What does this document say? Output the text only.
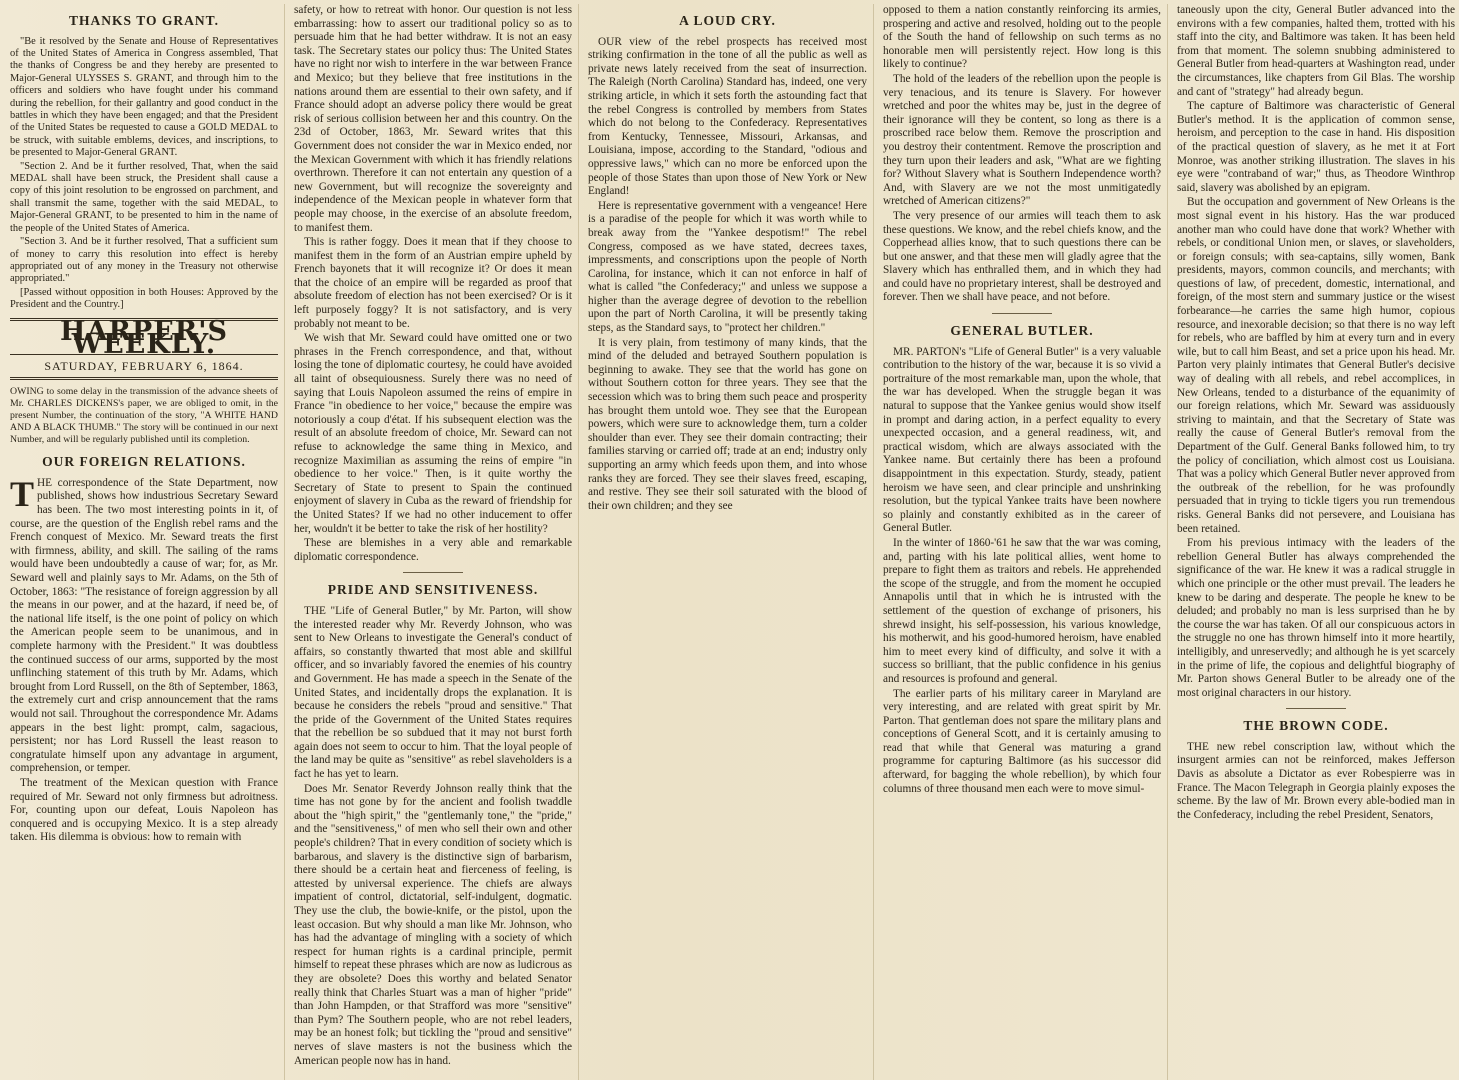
THANKS TO GRANT.

"Be it resolved by the Senate and House of Representatives of the United States of America in Congress assembled, That the thanks of Congress be and they hereby are presented to Major-General ULYSSES S. GRANT, and through him to the officers and soldiers who have fought under his command during the rebellion, for their gallantry and good conduct in the battles in which they have been engaged; and that the President of the United States be requested to cause a GOLD MEDAL to be struck, with suitable emblems, devices, and inscriptions, to be presented to Major-General GRANT.

"Section 2. And be it further resolved, That, when the said MEDAL shall have been struck, the President shall cause a copy of this joint resolution to be engrossed on parchment, and shall transmit the same, together with the said MEDAL, to Major-General GRANT, to be presented to him in the name of the people of the United States of America.

"Section 3. And be it further resolved, That a sufficient sum of money to carry this resolution into effect is hereby appropriated out of any money in the Treasury not otherwise appropriated."

[Passed without opposition in both Houses: Approved by the President and the Country.]

HARPER'S WEEKLY.
SATURDAY, FEBRUARY 6, 1864.

OWING to some delay in the transmission of the advance sheets of Mr. CHARLES DICKENS's paper, we are obliged to omit, in the present Number, the continuation of the story, "A WHITE HAND AND A BLACK THUMB." The story will be continued in our next Number, and will be regularly published until its completion.

OUR FOREIGN RELATIONS.

THE correspondence of the State Department, now published, shows how industrious Secretary Seward has been. The two most interesting points in it, of course, are the question of the English rebel rams and the French conquest of Mexico. Mr. Seward treats the first with firmness, ability, and skill. The sailing of the rams would have been undoubtedly a cause of war; for, as Mr. Seward well and plainly says to Mr. Adams, on the 5th of October, 1863: "The resistance of foreign aggression by all the means in our power, and at the hazard, if need be, of the national life itself, is the one point of policy on which the American people seem to be unanimous, and in complete harmony with the President." It was doubtless the continued success of our arms, supported by the most unflinching statement of this truth by Mr. Adams, which brought from Lord Russell, on the 8th of September, 1863, the extremely curt and crisp announcement that the rams would not sail. Throughout the correspondence Mr. Adams appears in the best light: prompt, calm, sagacious, persistent; nor has Lord Russell the least reason to congratulate himself upon any advantage in argument, comprehension, or temper.

The treatment of the Mexican question with France required of Mr. Seward not only firmness but adroitness. For, counting upon our defeat, Louis Napoleon has conquered and is occupying Mexico. It is a step already taken. His dilemma is obvious: how to remain with

safety, or how to retreat with honor. Our question is not less embarrassing: how to assert our traditional policy so as to persuade him that he had better withdraw. It is not an easy task. The Secretary states our policy thus: The United States have no right nor wish to interfere in the war between France and Mexico; but they believe that free institutions in the nations around them are essential to their own safety, and if France should adopt an adverse policy there would be great risk of serious collision between her and this country. On the 23d of October, 1863, Mr. Seward writes that this Government does not consider the war in Mexico ended, nor the Mexican Government with which it has friendly relations overthrown. Therefore it can not entertain any question of a new Government, but will recognize the sovereignty and independence of the Mexican people in whatever form that people may choose, in the exercise of an absolute freedom, to manifest them.

This is rather foggy. Does it mean that if they choose to manifest them in the form of an Austrian empire upheld by French bayonets that it will recognize it? Or does it mean that the choice of an empire will be regarded as proof that absolute freedom of election has not been exercised? Or is it left purposely foggy? It is not satisfactory, and is very probably not meant to be.

We wish that Mr. Seward could have omitted one or two phrases in the French correspondence, and that, without losing the tone of diplomatic courtesy, he could have avoided all taint of obsequiousness. Surely there was no need of saying that Louis Napoleon assumed the reins of empire in France "in obedience to her voice," because the empire was notoriously a coup d'état. If his subsequent election was the result of an absolute freedom of choice, Mr. Seward can not refuse to acknowledge the same thing in Mexico, and recognize Maximilian as assuming the reins of empire "in obedience to her voice." Then, is it quite worthy the Secretary of State to present to Spain the continued enjoyment of slavery in Cuba as the reward of friendship for the United States? If we had no other inducement to offer her, wouldn't it be better to take the risk of her hostility?

These are blemishes in a very able and remarkable diplomatic correspondence.

PRIDE AND SENSITIVENESS.

THE "Life of General Butler," by Mr. Parton, will show the interested reader why Mr. Reverdy Johnson, who was sent to New Orleans to investigate the General's conduct of affairs, so constantly thwarted that most able and skillful officer, and so invariably favored the enemies of his country and Government. He has made a speech in the Senate of the United States, and incidentally drops the explanation. It is because he considers the rebels "proud and sensitive." That the pride of the Government of the United States requires that the rebellion be so subdued that it may not burst forth again does not seem to occur to him. That the loyal people of the land may be quite as "sensitive" as rebel slaveholders is a fact he has yet to learn.

Does Mr. Senator Reverdy Johnson really think that the time has not gone by for the ancient and foolish twaddle about the "high spirit," the "gentlemanly tone," the "pride," and the "sensitiveness," of men who sell their own and other people's children? That in every condition of society which is barbarous, and slavery is the distinctive sign of barbarism, there should be a certain heat and fierceness of feeling, is attested by universal experience. The chiefs are always impatient of control, dictatorial, self-indulgent, dogmatic. They use the club, the bowie-knife, or the pistol, upon the least occasion. But why should a man like Mr. Johnson, who has had the advantage of mingling with a society of which respect for human rights is a cardinal principle, permit himself to repeat these phrases which are now as ludicrous as they are obsolete? Does this worthy and belated Senator really think that Charles Stuart was a man of higher "pride" than John Hampden, or that Strafford was more "sensitive" than Pym? The Southern people, who are not rebel leaders, may be an honest folk; but tickling the "proud and sensitive" nerves of slave masters is not the business which the American people now has in hand.

A LOUD CRY.

OUR view of the rebel prospects has received most striking confirmation in the tone of all the public as well as private news lately received from the seat of insurrection. The Raleigh (North Carolina) Standard has, indeed, one very striking article, in which it sets forth the astounding fact that the rebel Congress is controlled by members from States which do not belong to the Confederacy. Representatives from Kentucky, Tennessee, Missouri, Arkansas, and Louisiana, impose, according to the Standard, "odious and oppressive laws," which can no more be enforced upon the people of those States than upon those of New York or New England!

Here is representative government with a vengeance! Here is a paradise of the people for which it was worth while to break away from the "Yankee despotism!" The rebel Congress, composed as we have stated, decrees taxes, impressments, and conscriptions upon the people of North Carolina, for instance, which it can not enforce in half of what is called "the Confederacy;" and unless we suppose a higher than the average degree of devotion to the rebellion upon the part of North Carolina, it will be presently taking steps, as the Standard says, to "protect her children."

It is very plain, from testimony of many kinds, that the mind of the deluded and betrayed Southern population is beginning to awake. They see that the world has gone on without Southern cotton for three years. They see that the secession which was to bring them such peace and prosperity has brought them untold woe. They see that the European powers, which were sure to acknowledge them, turn a colder shoulder than ever. They see their domain contracting; their families starving or carried off; trade at an end; industry only supporting an army which feeds upon them, and into whose ranks they are forced. They see their slaves freed, escaping, and restive. They see their soil saturated with the blood of their own children; and they see

opposed to them a nation constantly reinforcing its armies, prospering and active and resolved, holding out to the people of the South the hand of fellowship on such terms as no honorable men will persistently reject. How long is this likely to continue?

The hold of the leaders of the rebellion upon the people is very tenacious, and its tenure is Slavery. For however wretched and poor the whites may be, just in the degree of their ignorance will they be content, so long as there is a proscribed race below them. Remove the proscription and you destroy their contentment. Remove the proscription and they turn upon their leaders and ask, "What are we fighting for? Without Slavery what is Southern Independence worth? And, with Slavery are we not the most unmitigatedly wretched of American citizens?"

The very presence of our armies will teach them to ask these questions. We know, and the rebel chiefs know, and the Copperhead allies know, that to such questions there can be but one answer, and that these men will gladly agree that the Slavery which has enthralled them, and in which they had and could have no proprietary interest, shall be destroyed and forever. Then we shall have peace, and not before.

GENERAL BUTLER.

MR. PARTON's "Life of General Butler" is a very valuable contribution to the history of the war, because it is so vivid a portraiture of the most remarkable man, upon the whole, that the war has developed. When the struggle began it was natural to suppose that the Yankee genius would show itself in prompt and daring action, in a perfect equality to every unexpected occasion, and a general readiness, wit, and practical wisdom, which are always associated with the Yankee name. But certainly there has been a profound disappointment in this expectation. Sturdy, steady, patient heroism we have seen, and clear principle and unshrinking resolution, but the typical Yankee traits have been nowhere so plainly and constantly exhibited as in the career of General Butler.

In the winter of 1860-'61 he saw that the war was coming, and, parting with his late political allies, went home to prepare to fight them as traitors and rebels. He apprehended the scope of the struggle, and from the moment he occupied Annapolis until that in which he is intrusted with the settlement of the question of exchange of prisoners, his shrewd insight, his self-possession, his various knowledge, his motherwit, and his good-humored heroism, have enabled him to meet every kind of difficulty, and solve it with a success so brilliant, that the public confidence in his genius and resources is profound and general.

The earlier parts of his military career in Maryland are very interesting, and are related with great spirit by Mr. Parton. That gentleman does not spare the military plans and conceptions of General Scott, and it is certainly amusing to read that while that General was maturing a grand programme for capturing Baltimore (as his successor did afterward, for bagging the whole rebellion), by which four columns of three thousand men each were to move simul-

taneously upon the city, General Butler advanced into the environs with a few companies, halted them, trotted with his staff into the city, and Baltimore was taken. It has been held from that moment. The solemn snubbing administered to General Butler from head-quarters at Washington read, under the circumstances, like chapters from Gil Blas. The worship and cant of "strategy" had already begun.

The capture of Baltimore was characteristic of General Butler's method. It is the application of common sense, heroism, and perception to the case in hand. His disposition of the practical question of slavery, as he met it at Fort Monroe, was another striking illustration. The slaves in his eye were "contraband of war;" thus, as Theodore Winthrop said, slavery was abolished by an epigram.

But the occupation and government of New Orleans is the most signal event in his history. Has the war produced another man who could have done that work? Whether with rebels, or conditional Union men, or slaves, or slaveholders, or foreign consuls; with sea-captains, silly women, Bank presidents, mayors, common councils, and merchants; with questions of law, of precedent, domestic, international, and foreign, of the most stern and summary justice or the wisest forbearance—he carries the same high humor, copious resource, and inexorable decision; so that there is no way left for rebels, who are baffled by him at every turn and in every wile, but to call him Beast, and set a price upon his head. Mr. Parton very plainly intimates that General Butler's decisive way of dealing with all rebels, and rebel accomplices, in New Orleans, tended to a disturbance of the equanimity of our foreign relations, which Mr. Seward was assiduously striving to maintain, and that the Secretary of State was really the cause of General Butler's removal from the Department of the Gulf. General Banks followed him, to try the policy of conciliation, which almost cost us Louisiana. That was a policy which General Butler never approved from the outbreak of the rebellion, for he was profoundly persuaded that in trying to tickle tigers you run tremendous risks. General Banks did not persevere, and Louisiana has been retained.

From his previous intimacy with the leaders of the rebellion General Butler has always comprehended the significance of the war. He knew it was a radical struggle in which one principle or the other must prevail. The leaders he knew to be daring and desperate. The people he knew to be deluded; and probably no man is less surprised than he by the course the war has taken. Of all our conspicuous actors in the struggle no one has thrown himself into it more heartily, intelligibly, and unreservedly; and although he is yet scarcely in the prime of life, the copious and delightful biography of Mr. Parton shows General Butler to be already one of the most original characters in our history.

THE BROWN CODE.

THE new rebel conscription law, without which the insurgent armies can not be reinforced, makes Jefferson Davis as absolute a Dictator as ever Robespierre was in France. The Macon Telegraph in Georgia plainly exposes the scheme. By the law of Mr. Brown every able-bodied man in the Confederacy, including the rebel President, Senators,
